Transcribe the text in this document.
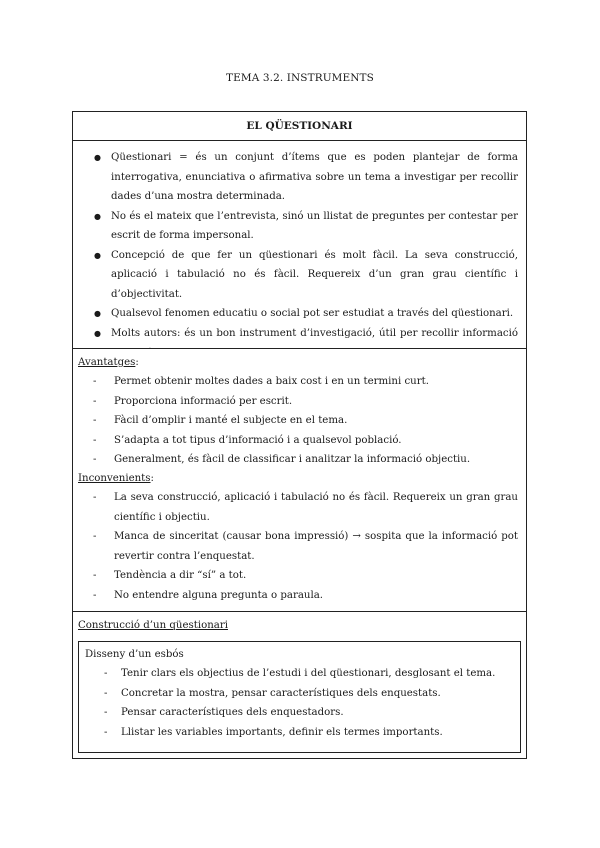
TEMA 3.2. INSTRUMENTS
EL QÜESTIONARI
● Qüestionari = és un conjunt d’ítems que es poden plantejar de forma interrogativa, enunciativa o afirmativa sobre un tema a investigar per recollir dades d’una mostra determinada.
● No és el mateix que l’entrevista, sinó un llistat de preguntes per contestar per escrit de forma impersonal.
● Concepció de que fer un qüestionari és molt fàcil. La seva construcció, aplicació i tabulació no és fàcil. Requereix d’un gran grau científic i d’objectivitat.
● Qualsevol fenomen educatiu o social pot ser estudiat a través del qüestionari.
● Molts autors: és un bon instrument d’investigació, útil per recollir informació
Avantatges:
- Permet obtenir moltes dades a baix cost i en un termini curt.
- Proporciona informació per escrit.
- Fàcil d’omplir i manté el subjecte en el tema.
- S’adapta a tot tipus d’informació i a qualsevol població.
- Generalment, és fàcil de classificar i analitzar la informació objectiu.
Inconvenients:
- La seva construcció, aplicació i tabulació no és fàcil. Requereix un gran grau científic i objectiu.
- Manca de sinceritat (causar bona impressió) → sospita que la informació pot revertir contra l’enquestat.
- Tendència a dir “sí” a tot.
- No entendre alguna pregunta o paraula.
Construcció d’un qüestionari
Disseny d’un esbós
- Tenir clars els objectius de l’estudi i del qüestionari, desglosant el tema.
- Concretar la mostra, pensar característiques dels enquestats.
- Pensar característiques dels enquestadors.
- Llistar les variables importants, definir els termes importants.
